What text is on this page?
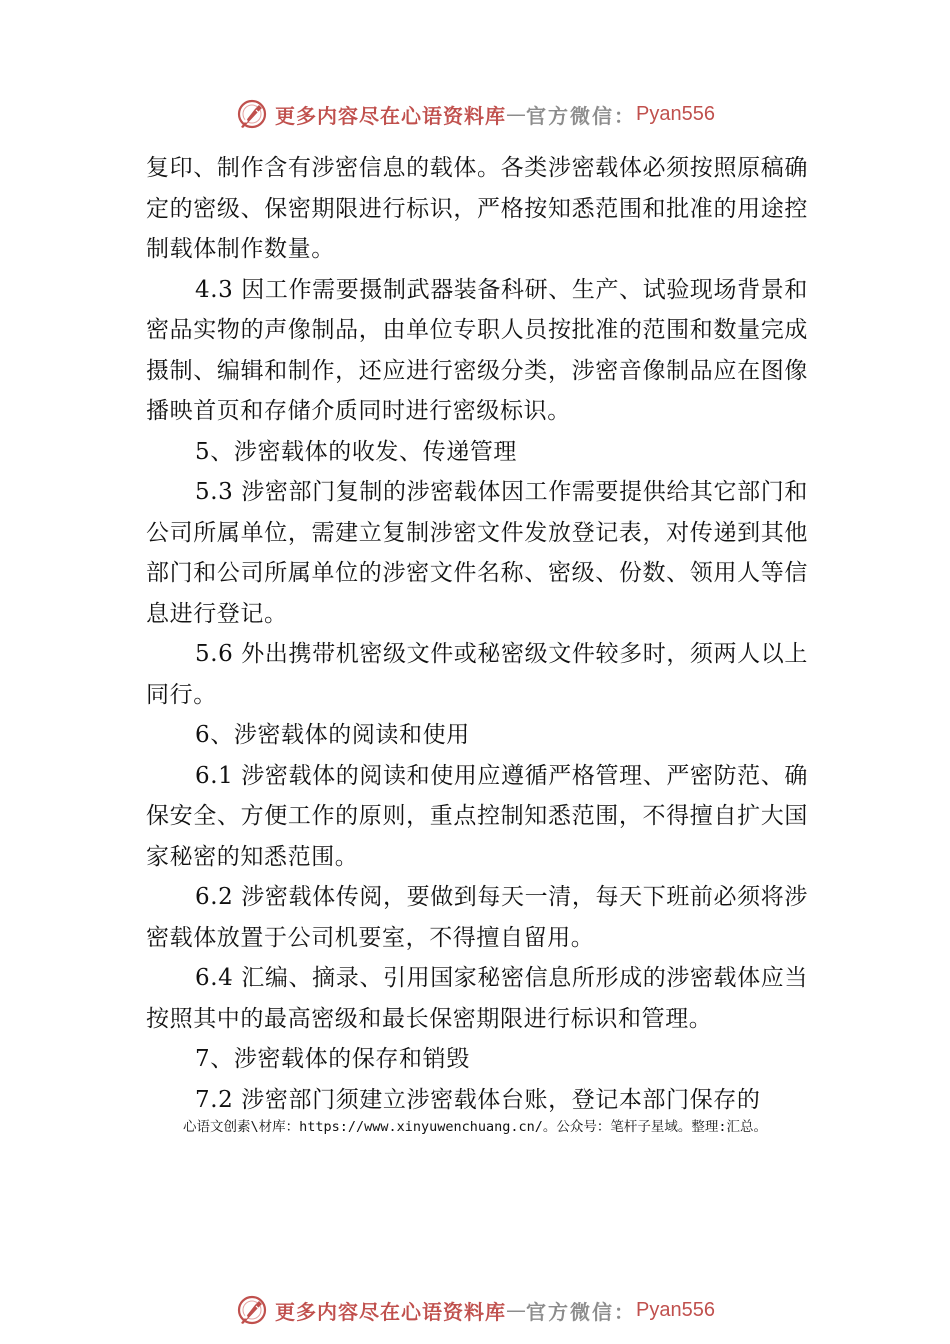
更多内容尽在心语资料库 — 官方微信： Pyan556

复印、制作含有涉密信息的载体。各类涉密载体必须按照原稿确定的密级、保密期限进行标识，严格按知悉范围和批准的用途控制载体制作数量。

4.3 因工作需要摄制武器装备科研、生产、试验现场背景和密品实物的声像制品，由单位专职人员按批准的范围和数量完成摄制、编辑和制作，还应进行密级分类，涉密音像制品应在图像播映首页和存储介质同时进行密级标识。

5、涉密载体的收发、传递管理

5.3 涉密部门复制的涉密载体因工作需要提供给其它部门和公司所属单位，需建立复制涉密文件发放登记表，对传递到其他部门和公司所属单位的涉密文件名称、密级、份数、领用人等信息进行登记。

5.6 外出携带机密级文件或秘密级文件较多时，须两人以上同行。

6、涉密载体的阅读和使用

6.1 涉密载体的阅读和使用应遵循严格管理、严密防范、确保安全、方便工作的原则，重点控制知悉范围，不得擅自扩大国家秘密的知悉范围。

6.2 涉密载体传阅，要做到每天一清，每天下班前必须将涉密载体放置于公司机要室，不得擅自留用。

6.4 汇编、摘录、引用国家秘密信息所形成的涉密载体应当按照其中的最高密级和最长保密期限进行标识和管理。

7、涉密载体的保存和销毁

7.2 涉密部门须建立涉密载体台账，登记本部门保存的

心语文创素\材库：https://www.xinyuwenchuang.cn/。公众号：笔杆子星域。整理:汇总。
更多内容尽在心语资料库 — 官方微信： Pyan556
